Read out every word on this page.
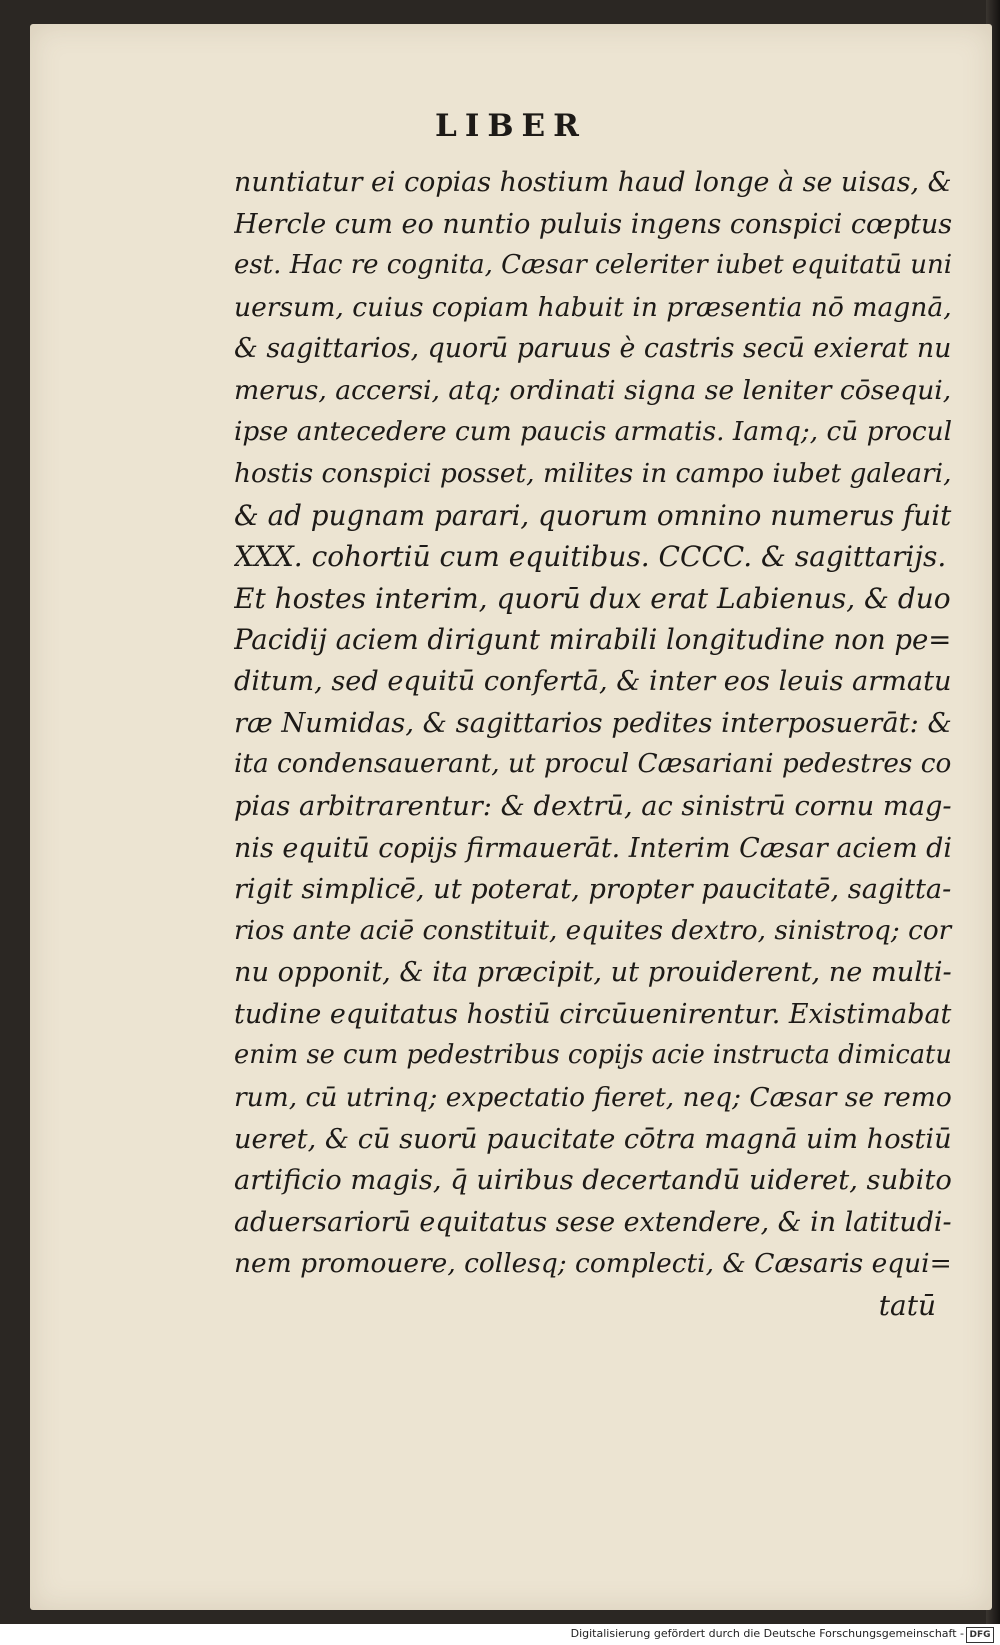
LIBER
nuntiatur ei copias hostium haud longe à se uisas, &
Hercle cum eo nuntio puluis ingens conspici cœptus
est. Hac re cognita, Cæsar celeriter iubet equitatū uni
uersum, cuius copiam habuit in præsentia nō magnā,
& sagittarios, quorū paruus è castris secū exierat nu
merus, accersi, atq; ordinati signa se leniter cōsequi,
ipse antecedere cum paucis armatis. Iamq;, cū procul
hostis conspici posset, milites in campo iubet galeari,
& ad pugnam parari, quorum omnino numerus fuit
XXX. cohortiū cum equitibus. CCCC. & sagittarijs.
Et hostes interim, quorū dux erat Labienus, & duo
Pacidij aciem dirigunt mirabili longitudine non pe=
ditum, sed equitū confertā, & inter eos leuis armatu
ræ Numidas, & sagittarios pedites interposuerāt: &
ita condensauerant, ut procul Cæsariani pedestres co
pias arbitrarentur: & dextrū, ac sinistrū cornu mag-
nis equitū copijs firmauerāt. Interim Cæsar aciem di
rigit simplicē, ut poterat, propter paucitatē, sagitta-
rios ante aciē constituit, equites dextro, sinistroq; cor
nu opponit, & ita præcipit, ut prouiderent, ne multi-
tudine equitatus hostiū circūuenirentur. Existimabat
enim se cum pedestribus copijs acie instructa dimicatu
rum, cū utrinq; expectatio fieret, neq; Cæsar se remo
ueret, & cū suorū paucitate cōtra magnā uim hostiū
artificio magis, q̄ uiribus decertandū uideret, subito
aduersariorū equitatus sese extendere, & in latitudi-
nem promouere, collesq; complecti, & Cæsaris equi=
tatū
Digitalisierung gefördert durch die Deutsche Forschungsgemeinschaft - DFG
